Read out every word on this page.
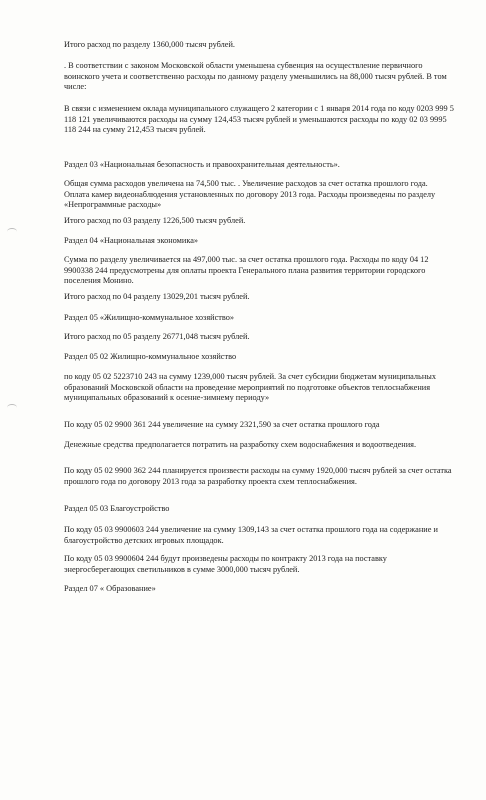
Итого расход по разделу 1360,000 тысяч рублей.

. В соответствии с законом Московской области уменьшена субвенция на осуществление первичного воинского учета и соответственно расходы по данному разделу уменьшились на 88,000 тысяч рублей. В том числе:

В связи с изменением оклада муниципального служащего 2 категории с 1 января 2014 года по коду 0203 999 5 118 121 увеличиваются расходы на сумму 124,453 тысяч рублей и уменьшаются расходы по коду 02 03 9995 118 244 на сумму 212,453 тысяч рублей.

Раздел 03 «Национальная безопасность и правоохранительная деятельность».

Общая сумма расходов увеличена на 74,500 тыс. . Увеличение расходов за счет остатка прошлого года. Оплата камер видеонаблюдения установленных по договору 2013 года. Расходы произведены по разделу «Непрограммные расходы»

Итого расход по 03 разделу 1226,500 тысяч рублей.

Раздел 04 «Национальная экономика»

Сумма по разделу увеличивается на 497,000 тыс. за счет остатка прошлого года. Расходы по коду 04 12 9900338 244 предусмотрены для оплаты проекта Генерального плана развития территории городского поселения Монино.

Итого расход по 04 разделу 13029,201 тысяч рублей.

Раздел 05 «Жилищно-коммунальное хозяйство»

Итого расход по 05 разделу 26771,048 тысяч рублей.

Раздел 05 02 Жилищно-коммунальное хозяйство

по коду 05 02 5223710 243 на сумму 1239,000 тысяч рублей. За счет субсидии бюджетам муниципальных образований Московской области на проведение мероприятий по подготовке объектов теплоснабжения муниципальных образований к осенне-зимнему периоду»

По коду 05 02 9900 361 244 увеличение на сумму 2321,590 за счет остатка прошлого года

Денежные средства предполагается потратить на разработку схем водоснабжения и водоотведения.

По коду 05 02 9900 362 244 планируется произвести расходы на сумму 1920,000 тысяч рублей за счет остатка прошлого года по договору 2013 года за разработку проекта схем теплоснабжения.

Раздел 05 03 Благоустройство

По коду 05 03 9900603 244 увеличение на сумму 1309,143 за счет остатка прошлого года на содержание и благоустройство детских игровых площадок.

По коду 05 03 9900604 244 будут произведены расходы по контракту 2013 года на поставку энергосберегающих светильников в сумме 3000,000 тысяч рублей.

Раздел 07 « Образование»
